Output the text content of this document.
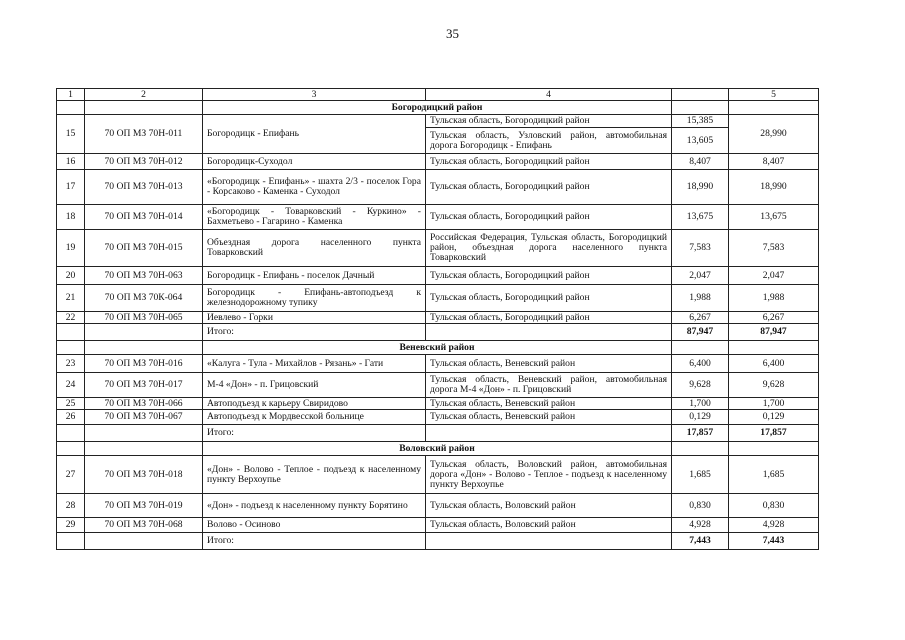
35
1	2	3	4		5
		Богородицкий район			
15	70 ОП МЗ 70Н-011	Богородицк - Епифань	Тульская область, Богородицкий район	15,385	28,990
			Тульская область, Узловский район, автомобильная дорога Богородицк - Епифань	13,605	
16	70 ОП МЗ 70Н-012	Богородицк-Суходол	Тульская область, Богородицкий район	8,407	8,407
17	70 ОП МЗ 70Н-013	«Богородицк - Епифань» - шахта 2/3 - поселок Гора - Корсаково - Каменка - Суходол	Тульская область, Богородицкий район	18,990	18,990
18	70 ОП МЗ 70Н-014	«Богородицк - Товарковский - Куркино» - Бахметьево - Гагарино - Каменка	Тульская область, Богородицкий район	13,675	13,675
19	70 ОП МЗ 70Н-015	Объездная дорога населенного пункта Товарковский	Российская Федерация, Тульская область, Богородицкий район, объездная дорога населенного пункта Товарковский	7,583	7,583
20	70 ОП МЗ 70Н-063	Богородицк - Епифань - поселок Дачный	Тульская область, Богородицкий район	2,047	2,047
21	70 ОП МЗ 70К-064	Богородицк - Епифань-автоподъезд к железнодорожному тупику	Тульская область, Богородицкий район	1,988	1,988
22	70 ОП МЗ 70Н-065	Иевлево - Горки	Тульская область, Богородицкий район	6,267	6,267
		Итого:		87,947	87,947
		Веневский район			
23	70 ОП МЗ 70Н-016	«Калуга - Тула - Михайлов - Рязань» - Гати	Тульская область, Веневский район	6,400	6,400
24	70 ОП МЗ 70Н-017	М-4 «Дон» - п. Грицовский	Тульская область, Веневский район, автомобильная дорога М-4 «Дон» - п. Грицовский	9,628	9,628
25	70 ОП МЗ 70Н-066	Автоподъезд к карьеру Свиридово	Тульская область, Веневский район	1,700	1,700
26	70 ОП МЗ 70Н-067	Автоподъезд к Мордвесской больнице	Тульская область, Веневский район	0,129	0,129
		Итого:		17,857	17,857
		Воловский район			
27	70 ОП МЗ 70Н-018	«Дон» - Волово - Теплое - подъезд к населенному пункту Верхоупье	Тульская область, Воловский район, автомобильная дорога «Дон» - Волово - Теплое - подъезд к населенному пункту Верхоупье	1,685	1,685
28	70 ОП МЗ 70Н-019	«Дон» - подъезд к населенному пункту Борятино	Тульская область, Воловский район	0,830	0,830
29	70 ОП МЗ 70Н-068	Волово - Осиново	Тульская область, Воловский район	4,928	4,928
		Итого:		7,443	7,443
